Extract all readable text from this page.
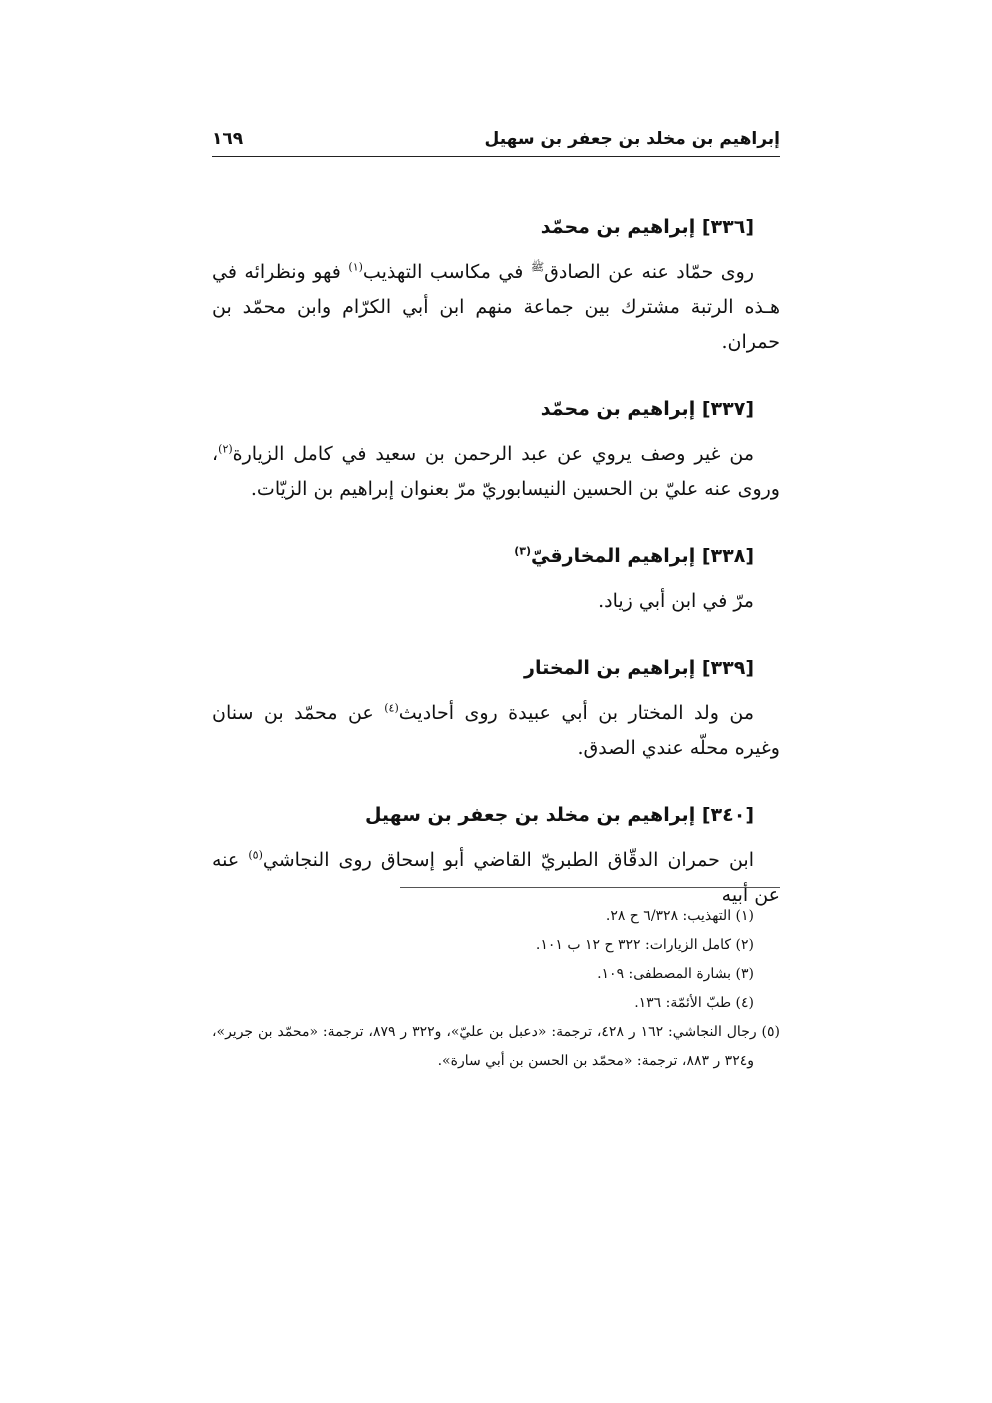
إبراهيم بن مخلد بن جعفر بن سهيل
١٦٩
[٣٣٦] إبراهيم بن محمّد

روى حمّاد عنه عن الصادق$^ﷺ$ في مكاسب التهذيب$^{(١)}$ فهو ونظرائه في هـذه الرتبة مشترك بين جماعة منهم ابن أبي الكرّام وابن محمّد بن حمران.

[٣٣٧] إبراهيم بن محمّد

من غير وصف يروي عن عبد الرحمن بن سعيد في كامل الزيارة$^{(٢)}$، وروى عنه عليّ بن الحسين النيسابوريّ مرّ بعنوان إبراهيم بن الزيّات.

[٣٣٨] إبراهيم المخارقيّ$^{(٣)}$

مرّ في ابن أبي زياد.

[٣٣٩] إبراهيم بن المختار

من ولد المختار بن أبي عبيدة روى أحاديث$^{(٤)}$ عن محمّد بن سنان وغيره محلّه عندي الصدق.

[٣٤٠] إبراهيم بن مخلد بن جعفر بن سهيل

ابن حمران الدقّاق الطبريّ القاضي أبو إسحاق روى النجاشي$^{(٥)}$ عنه عن أبيه

(١) التهذيب: ٦/٣٢٨ ح ٢٨.

(٢) كامل الزيارات: ٣٢٢ ح ١٢ ب ١٠١.

(٣) بشارة المصطفى: ١٠٩.

(٤) طبّ الأئمّة: ١٣٦.

(٥) رجال النجاشي: ١٦٢ ر ٤٢٨، ترجمة: «دعبل بن عليّ»، و٣٢٢ ر ٨٧٩، ترجمة: «محمّد بن جرير»، و٣٢٤ ر ٨٨٣، ترجمة: «محمّد بن الحسن بن أبي سارة».
